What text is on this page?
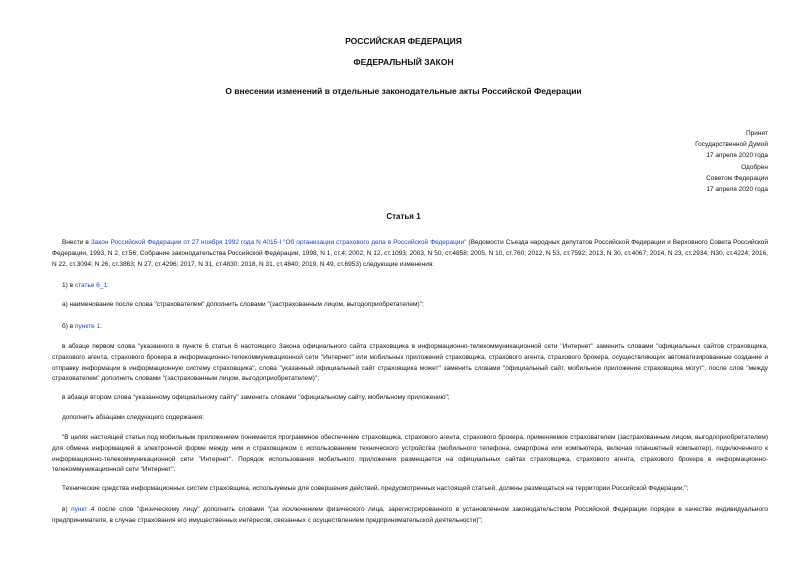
РОССИЙСКАЯ ФЕДЕРАЦИЯ
ФЕДЕРАЛЬНЫЙ ЗАКОН
О внесении изменений в отдельные законодательные акты Российской Федерации
Принят
Государственной Думой
17 апреля 2020 года
Одобрен
Советом Федерации
17 апреля 2020 года
Статья 1
Внести в Закон Российской Федерации от 27 ноября 1992 года N 4015-I "Об организации страхового дела в Российской Федерации" (Ведомости Съезда народных депутатов Российской Федерации и Верховного Совета Российской Федерации, 1993, N 2, ст.56; Собрание законодательства Российской Федерации, 1998, N 1, ст.4; 2002, N 12, ст.1093; 2003, N 50, ст.4858; 2005, N 10, ст.760; 2012, N 53, ст.7592; 2013, N 30, ст.4067; 2014, N 23, ст.2934; N30, ст.4224; 2016, N 22, ст.3094; N 26, ст.3863; N 27, ст.4296; 2017, N 31, ст.4830; 2018, N 31, ст.4840; 2019, N 49, ст.6953) следующие изменения:
1) в статье 6_1:
а) наименование после слова "страхователем" дополнить словами "(застрахованным лицом, выгодоприобретателем)";
б) в пункте 1:
в абзаце первом слова "указанного в пункте 6 статьи 6 настоящего Закона официального сайта страховщика в информационно-телекоммуникационной сети "Интернет" заменить словами "официальных сайтов страховщика, страхового агента, страхового брокера в информационно-телекоммуникационной сети "Интернет" или мобильных приложений страховщика, страхового агента, страхового брокера, осуществляющих автоматизированные создание и отправку информации в информационную систему страховщика", слова "указанный официальный сайт страховщика может" заменить словами "официальный сайт, мобильное приложение страховщика могут", после слов "между страхователем" дополнить словами "(застрахованным лицом, выгодоприобретателем)";
в абзаце втором слова "указанному официальному сайту" заменить словами "официальному сайту, мобильному приложению";
дополнить абзацами следующего содержания:
"В целях настоящей статьи под мобильным приложением понимается программное обеспечение страховщика, страхового агента, страхового брокера, применяемое страхователем (застрахованным лицом, выгодоприобретателем) для обмена информацией в электронной форме между ним и страховщиком с использованием технического устройства (мобильного телефона, смартфона или компьютера, включая планшетный компьютер), подключенного к информационно-телекоммуникационной сети "Интернет". Порядок использования мобильного приложения размещается на официальных сайтах страховщика, страхового агента, страхового брокера в информационно-телекоммуникационной сети "Интернет".
Технические средства информационных систем страховщика, используемые для совершения действий, предусмотренных настоящей статьей, должны размещаться на территории Российской Федерации.";
в) пункт 4 после слов "физическому лицу" дополнить словами "(за исключением физического лица, зарегистрированного в установленном законодательством Российской Федерации порядке в качестве индивидуального предпринимателя, в случае страхования его имущественных интересов, связанных с осуществлением предпринимательской деятельности)";
